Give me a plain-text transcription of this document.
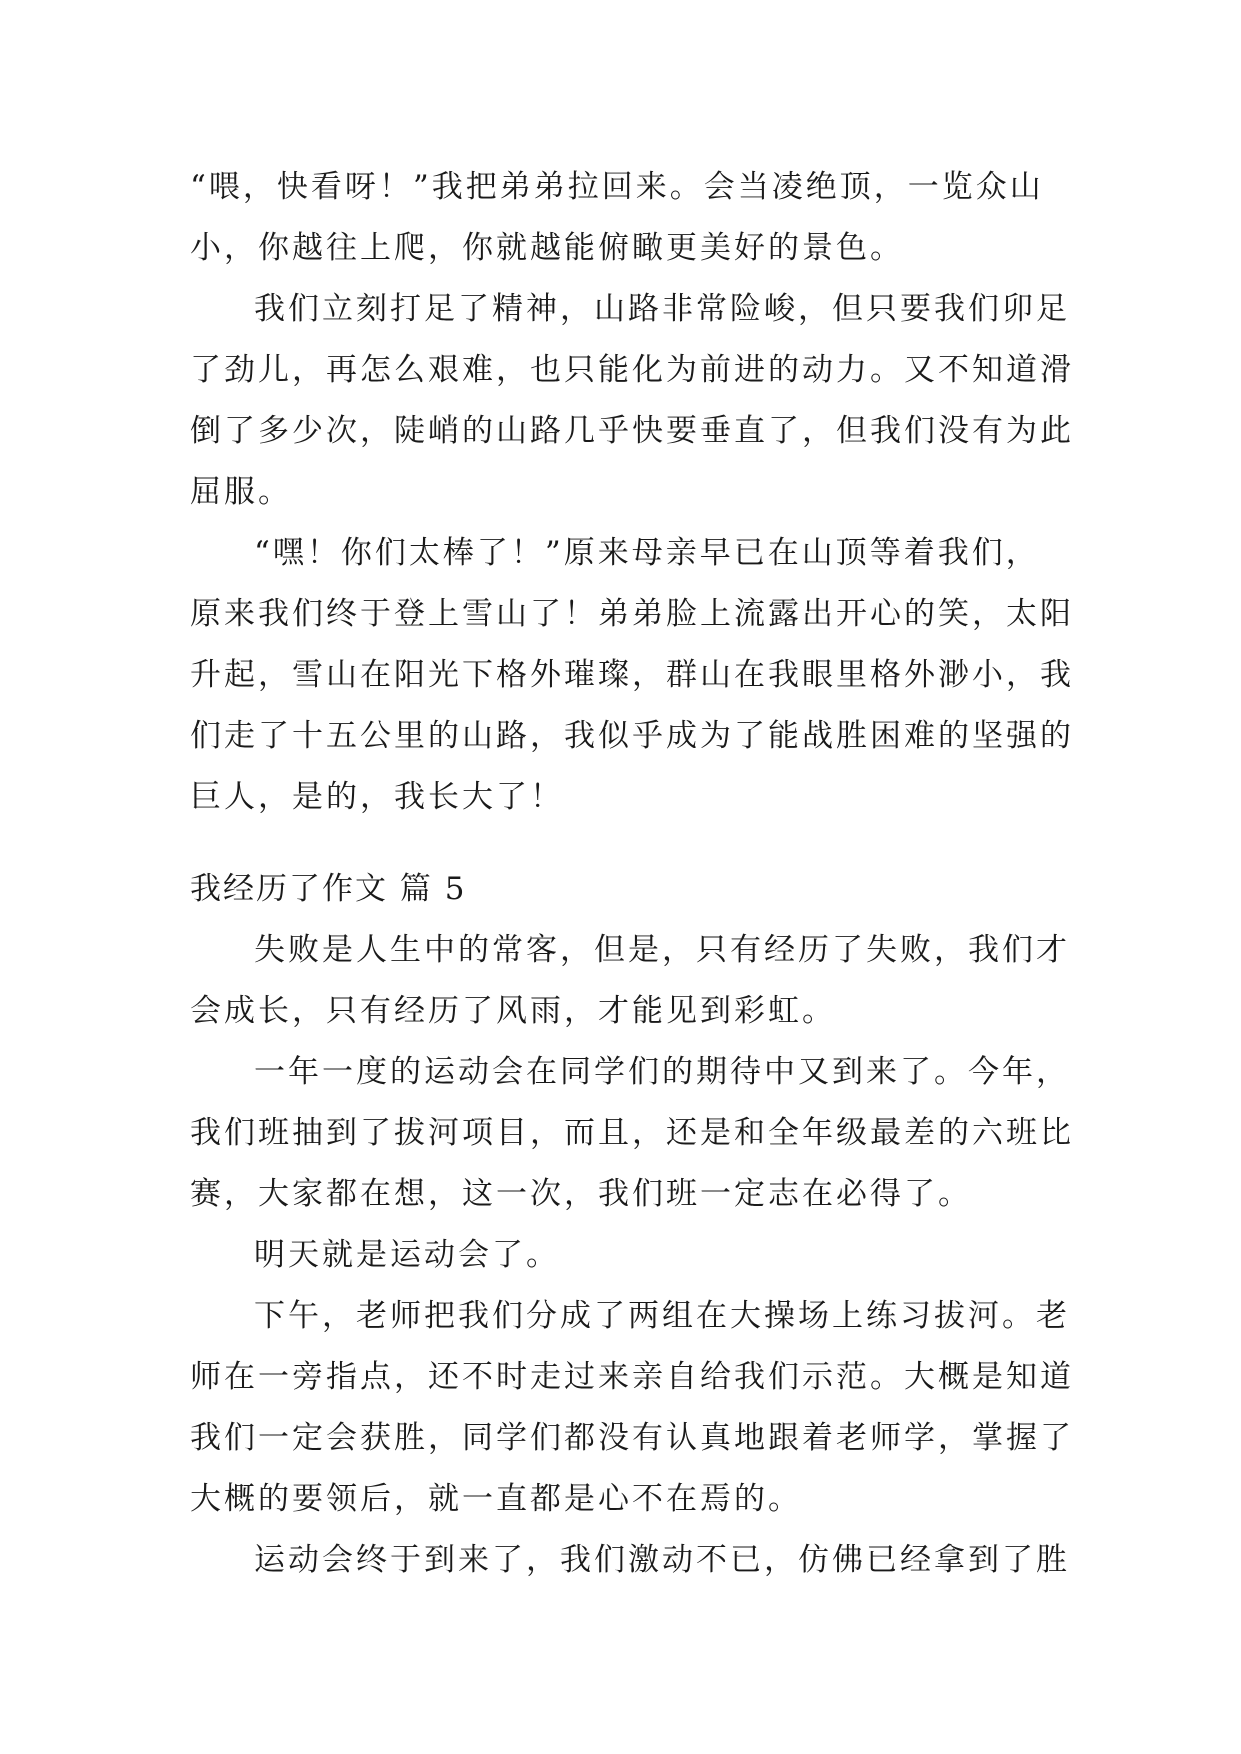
“喂，快看呀！”我把弟弟拉回来。会当凌绝顶，一览众山
小，你越往上爬，你就越能俯瞰更美好的景色。
我们立刻打足了精神，山路非常险峻，但只要我们卯足
了劲儿，再怎么艰难，也只能化为前进的动力。又不知道滑
倒了多少次，陡峭的山路几乎快要垂直了，但我们没有为此
屈服。
“嘿！你们太棒了！”原来母亲早已在山顶等着我们，
原来我们终于登上雪山了！弟弟脸上流露出开心的笑，太阳
升起，雪山在阳光下格外璀璨，群山在我眼里格外渺小，我
们走了十五公里的山路，我似乎成为了能战胜困难的坚强的
巨人，是的，我长大了！
我经历了作文 篇 5
失败是人生中的常客，但是，只有经历了失败，我们才
会成长，只有经历了风雨，才能见到彩虹。
一年一度的运动会在同学们的期待中又到来了。今年，
我们班抽到了拔河项目，而且，还是和全年级最差的六班比
赛，大家都在想，这一次，我们班一定志在必得了。
明天就是运动会了。
下午，老师把我们分成了两组在大操场上练习拔河。老
师在一旁指点，还不时走过来亲自给我们示范。大概是知道
我们一定会获胜，同学们都没有认真地跟着老师学，掌握了
大概的要领后，就一直都是心不在焉的。
运动会终于到来了，我们激动不已，仿佛已经拿到了胜
